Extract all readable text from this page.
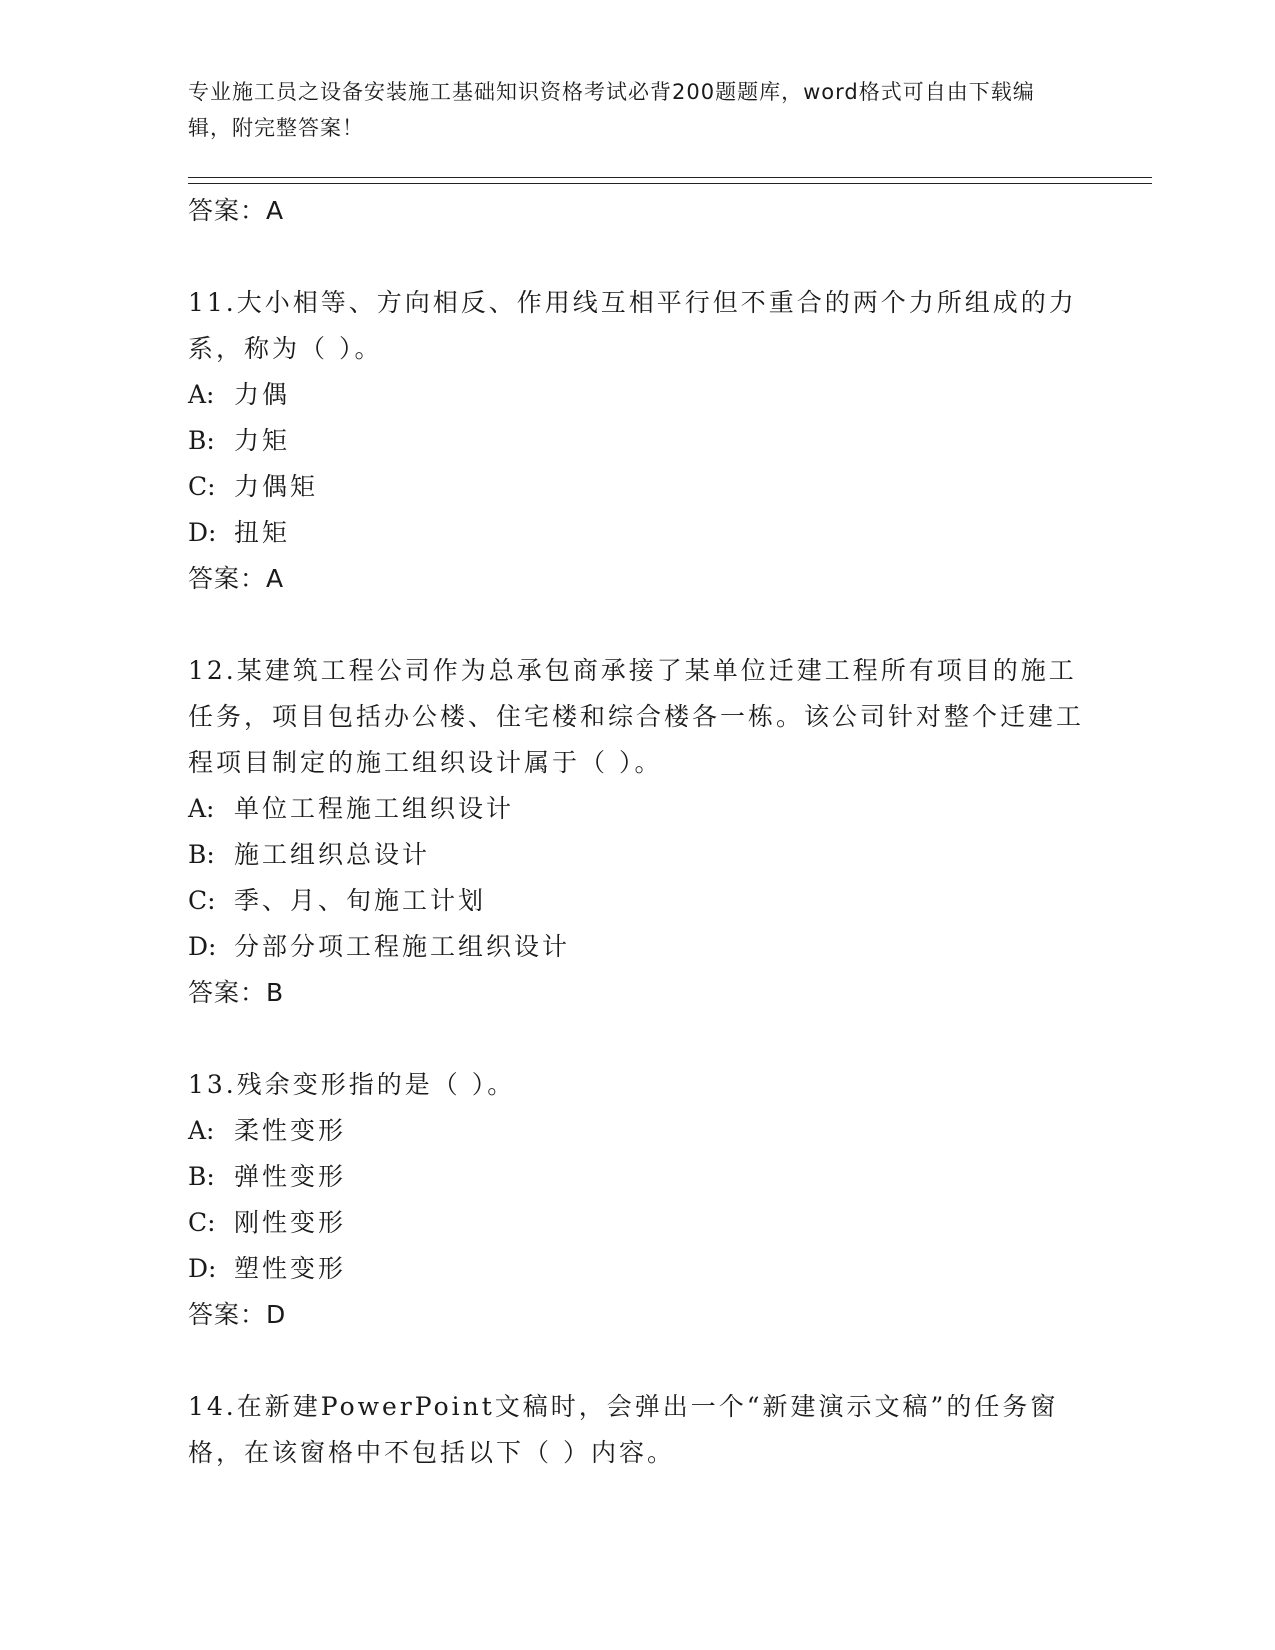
专业施工员之设备安装施工基础知识资格考试必背200题题库，word格式可自由下载编辑，附完整答案！
答案：A
11.大小相等、方向相反、作用线互相平行但不重合的两个力所组成的力系，称为（ ）。
A: 力偶
B: 力矩
C: 力偶矩
D: 扭矩
答案：A
12.某建筑工程公司作为总承包商承接了某单位迁建工程所有项目的施工任务，项目包括办公楼、住宅楼和综合楼各一栋。该公司针对整个迁建工程项目制定的施工组织设计属于（ ）。
A: 单位工程施工组织设计
B: 施工组织总设计
C: 季、月、旬施工计划
D: 分部分项工程施工组织设计
答案：B
13.残余变形指的是（ ）。
A: 柔性变形
B: 弹性变形
C: 刚性变形
D: 塑性变形
答案：D
14.在新建PowerPoint文稿时，会弹出一个“新建演示文稿”的任务窗格，在该窗格中不包括以下（ ）内容。
